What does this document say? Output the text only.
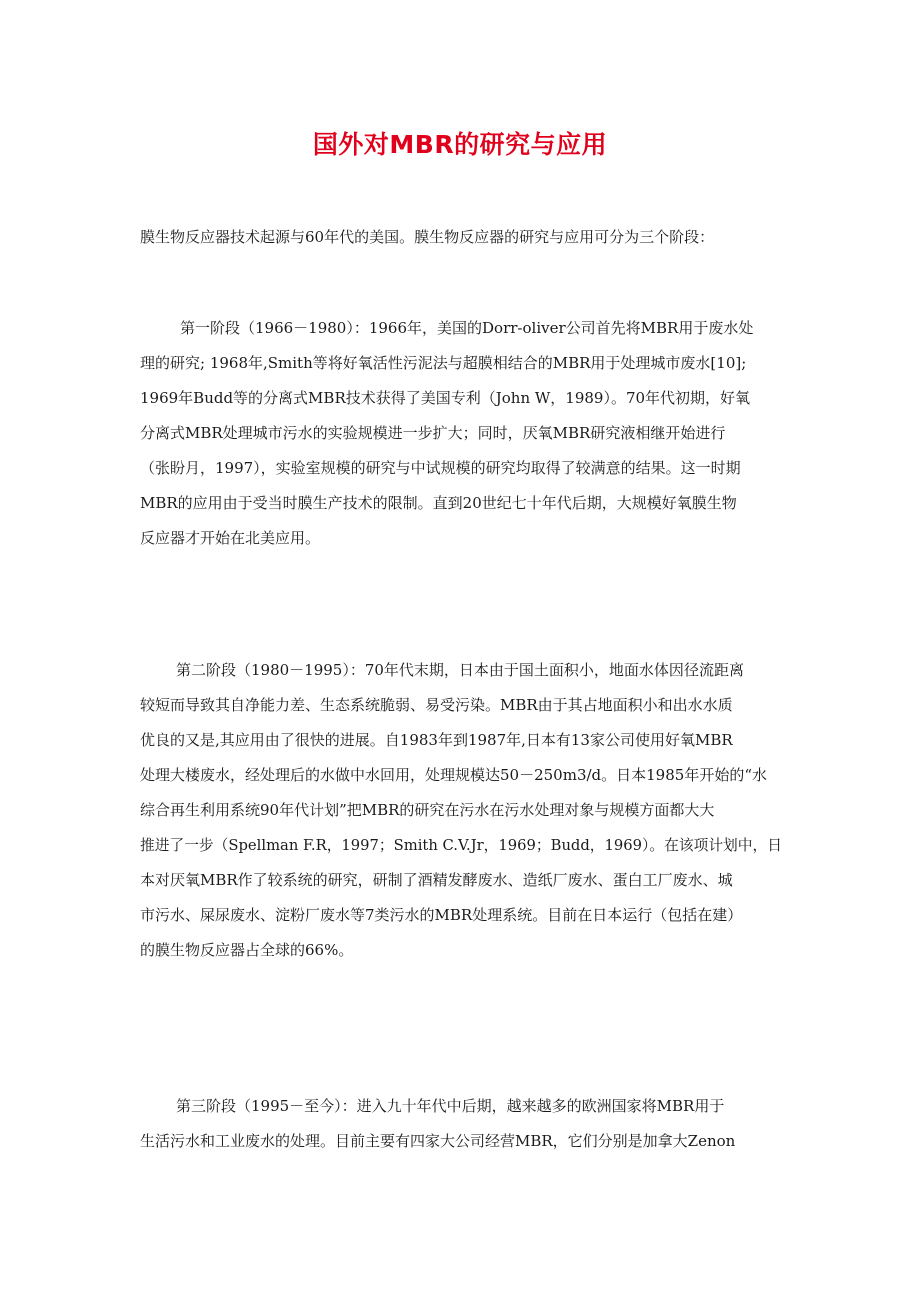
国外对MBR的研究与应用

膜生物反应器技术起源与60年代的美国。膜生物反应器的研究与应用可分为三个阶段：

第一阶段（1966－1980）：1966年，美国的Dorr-oliver公司首先将MBR用于废水处
理的研究; 1968年,Smith等将好氧活性污泥法与超膜相结合的MBR用于处理城市废水[10];
1969年Budd等的分离式MBR技术获得了美国专利（John W，1989）。70年代初期，好氧
分离式MBR处理城市污水的实验规模进一步扩大；同时，厌氧MBR研究液相继开始进行
（张盼月，1997），实验室规模的研究与中试规模的研究均取得了较满意的结果。这一时期
MBR的应用由于受当时膜生产技术的限制。直到20世纪七十年代后期，大规模好氧膜生物
反应器才开始在北美应用。

第二阶段（1980－1995）：70年代末期，日本由于国土面积小，地面水体因径流距离
较短而导致其自净能力差、生态系统脆弱、易受污染。MBR由于其占地面积小和出水水质
优良的又是,其应用由了很快的进展。自1983年到1987年,日本有13家公司使用好氧MBR
处理大楼废水，经处理后的水做中水回用，处理规模达50－250m3/d。日本1985年开始的“水
综合再生利用系统90年代计划”把MBR的研究在污水在污水处理对象与规模方面都大大
推进了一步（Spellman F.R，1997；Smith C.V.Jr，1969；Budd，1969）。在该项计划中，日
本对厌氧MBR作了较系统的研究，研制了酒精发酵废水、造纸厂废水、蛋白工厂废水、城
市污水、屎尿废水、淀粉厂废水等7类污水的MBR处理系统。目前在日本运行（包括在建）
的膜生物反应器占全球的66%。

第三阶段（1995－至今）：进入九十年代中后期，越来越多的欧洲国家将MBR用于
生活污水和工业废水的处理。目前主要有四家大公司经营MBR，它们分别是加拿大Zenon
